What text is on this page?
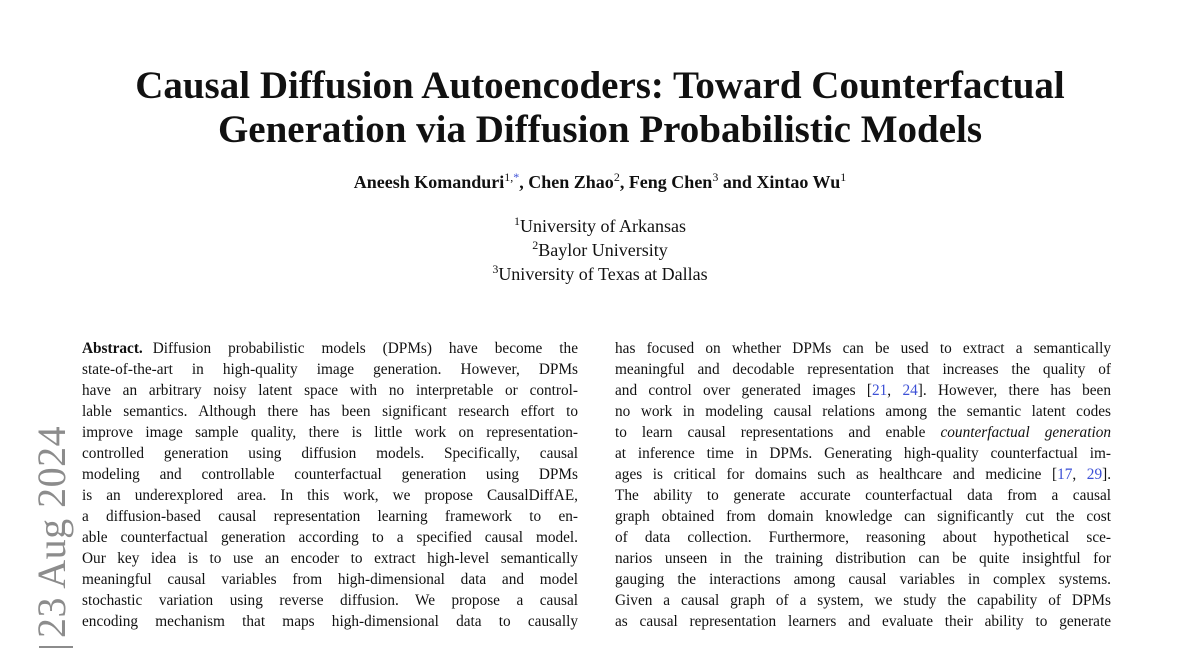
23 Aug 2024
Causal Diffusion Autoencoders: Toward Counterfactual
Generation via Diffusion Probabilistic Models
Aneesh Komanduri$^{1,*}$, Chen Zhao$^2$, Feng Chen$^3$ and Xintao Wu$^1$
$^1$University of Arkansas
$^2$Baylor University
$^3$University of Texas at Dallas
Abstract. Diffusion probabilistic models (DPMs) have become the
state-of-the-art in high-quality image generation. However, DPMs
have an arbitrary noisy latent space with no interpretable or control-
lable semantics. Although there has been significant research effort to
improve image sample quality, there is little work on representation-
controlled generation using diffusion models. Specifically, causal
modeling and controllable counterfactual generation using DPMs
is an underexplored area. In this work, we propose CausalDiffAE,
a diffusion-based causal representation learning framework to en-
able counterfactual generation according to a specified causal model.
Our key idea is to use an encoder to extract high-level semantically
meaningful causal variables from high-dimensional data and model
stochastic variation using reverse diffusion. We propose a causal
encoding mechanism that maps high-dimensional data to causally
has focused on whether DPMs can be used to extract a semantically
meaningful and decodable representation that increases the quality of
and control over generated images [21, 24]. However, there has been
no work in modeling causal relations among the semantic latent codes
to learn causal representations and enable counterfactual generation
at inference time in DPMs. Generating high-quality counterfactual im-
ages is critical for domains such as healthcare and medicine [17, 29].
The ability to generate accurate counterfactual data from a causal
graph obtained from domain knowledge can significantly cut the cost
of data collection. Furthermore, reasoning about hypothetical sce-
narios unseen in the training distribution can be quite insightful for
gauging the interactions among causal variables in complex systems.
Given a causal graph of a system, we study the capability of DPMs
as causal representation learners and evaluate their ability to generate
